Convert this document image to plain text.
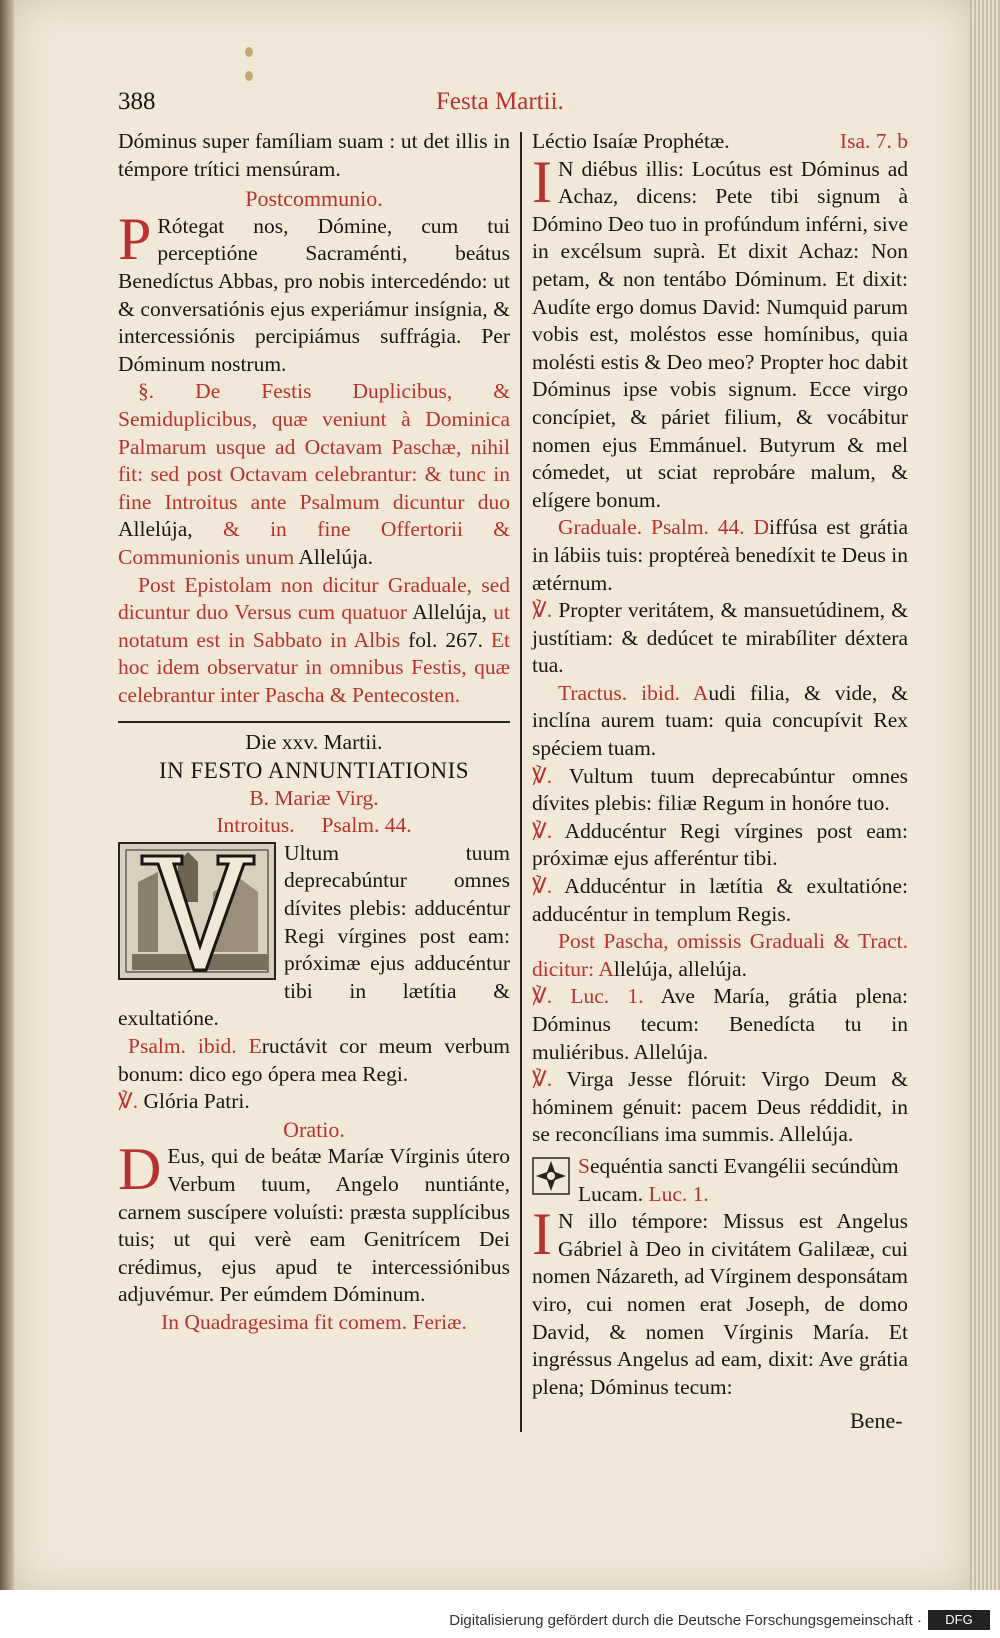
388	Festa Martii.

Dóminus super famíliam suam : ut det illis in témpore trítici mensúram.

Postcommunio.

P Rótegat nos, Dómine, cum tui perceptióne Sacraménti, beátus Benedíctus Abbas, pro nobis intercedéndo: ut & conversatiónis ejus experiámur insígnia, & intercessiónis percipiámus suffrágia. Per Dóminum nostrum.

§. De Festis Duplicibus, & Semiduplicibus, quæ veniunt à Dominica Palmarum usque ad Octavam Paschæ, nihil fit: sed post Octavam celebrantur: & tunc in fine Introitus ante Psalmum dicuntur duo Allelúja, & in fine Offertorii & Communionis unum Allelúja.

Post Epistolam non dicitur Graduale, sed dicuntur duo Versus cum quatuor Allelúja, ut notatum est in Sabbato in Albis fol. 267. Et hoc idem observatur in omnibus Festis, quæ celebrantur inter Pascha & Pentecosten.

Die xxv. Martii.

IN FESTO ANNUNTIATIONIS

B. Mariæ Virg.

Introitus. Psalm. 44.

Ultum tuum deprecabúntur omnes dívites plebis: adducéntur Regi vírgines post eam: próximæ ejus adducéntur tibi in lætítia & exultatióne.

Psalm. ibid. Eructávit cor meum verbum bonum: dico ego ópera mea Regi.

℣. Glória Patri.

Oratio.

D Eus, qui de beátæ Maríæ Vírginis útero Verbum tuum, Angelo nuntiánte, carnem suscípere voluísti: præsta supplícibus tuis; ut qui verè eam Genitrícem Dei crédimus, ejus apud te intercessiónibus adjuvémur. Per eúmdem Dóminum.

In Quadragesima fit comem. Feriæ.

Léctio Isaíæ Prophétæ.	Isa. 7. b

I N diébus illis: Locútus est Dóminus ad Achaz, dicens: Pete tibi signum à Dómino Deo tuo in profúndum inférni, sive in excélsum suprà. Et dixit Achaz: Non petam, & non tentábo Dóminum. Et dixit: Audíte ergo domus David: Numquid parum vobis est, moléstos esse homínibus, quia molésti estis & Deo meo? Propter hoc dabit Dóminus ipse vobis signum. Ecce virgo concípiet, & páriet filium, & vocábitur nomen ejus Emmánuel. Butyrum & mel cómedet, ut sciat reprobáre malum, & elígere bonum.

Graduale. Psalm. 44. Diffúsa est grátia in lábiis tuis: proptéreà benedíxit te Deus in ætérnum.

℣. Propter veritátem, & mansuetúdinem, & justítiam: & dedúcet te mirabíliter déxtera tua.

Tractus. ibid. Audi filia, & vide, & inclína aurem tuam: quia concupívit Rex spéciem tuam.

℣. Vultum tuum deprecabúntur omnes dívites plebis: filiæ Regum in honóre tuo.

℣. Adducéntur Regi vírgines post eam: próximæ ejus afferéntur tibi.

℣. Adducéntur in lætítia & exultatióne: adducéntur in templum Regis.

Post Pascha, omissis Graduali & Tract. dicitur: Allelúja, allelúja.

℣. Luc. 1. Ave María, grátia plena: Dóminus tecum: Benedícta tu in muliéribus. Allelúja.

℣. Virga Jesse flóruit: Virgo Deum & hóminem génuit: pacem Deus réddidit, in se reconcílians ima summis. Allelúja.

Sequéntia sancti Evangélii secúndùm Lucam. Luc. 1.

I N illo témpore: Missus est Angelus Gábriel à Deo in civitátem Galilææ, cui nomen Názareth, ad Vírginem desponsátam viro, cui nomen erat Joseph, de domo David, & nomen Vírginis María. Et ingréssus Angelus ad eam, dixit: Ave grátia plena; Dóminus tecum:

Bene-
Digitalisierung gefördert durch die Deutsche Forschungsgemeinschaft ·	DFG
